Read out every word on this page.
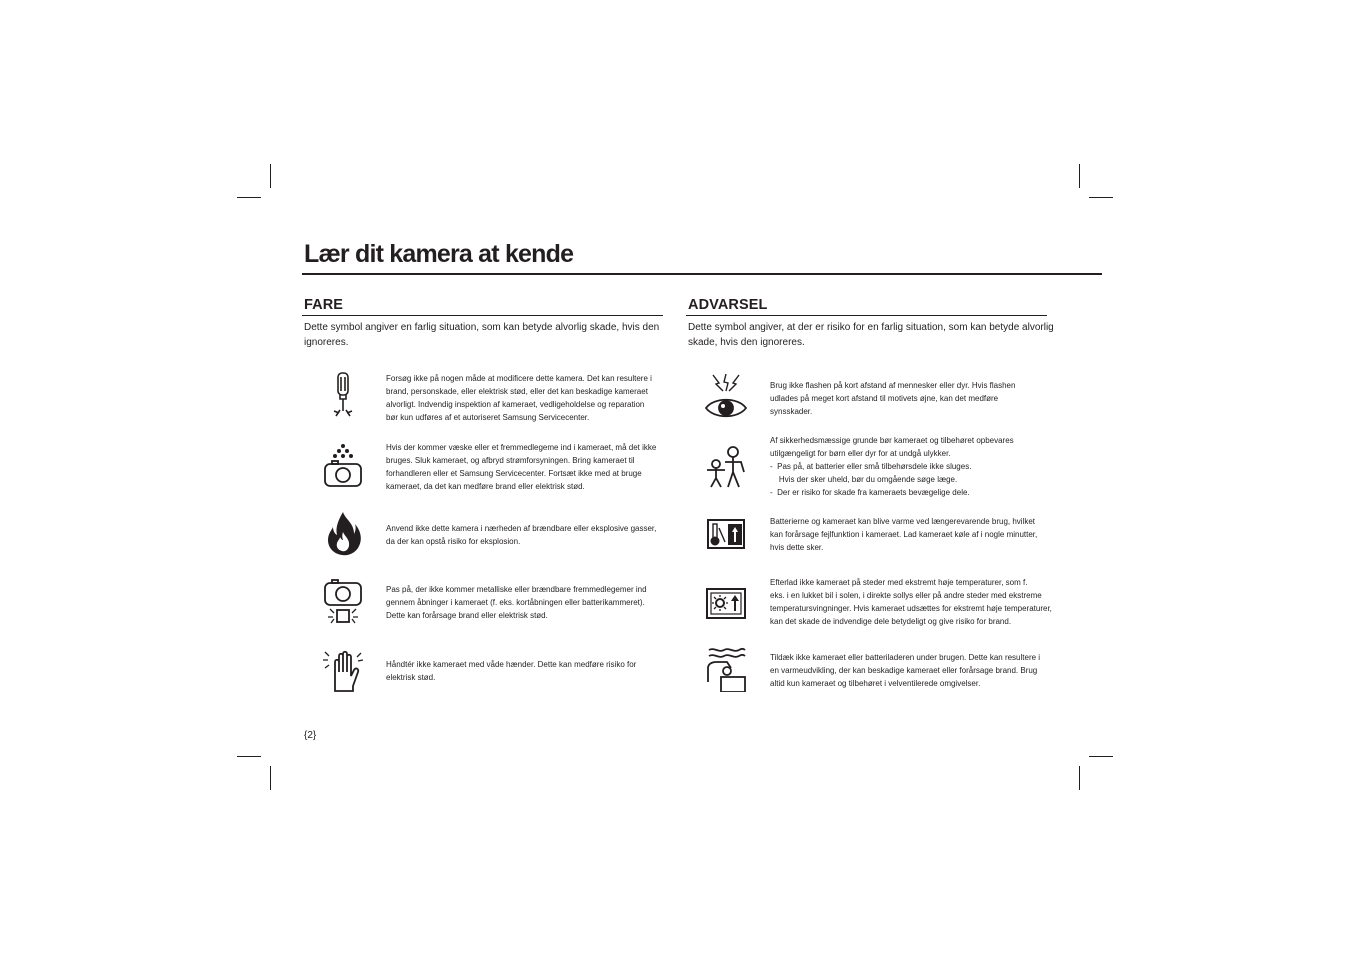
Lær dit kamera at kende
FARE
Dette symbol angiver en farlig situation, som kan betyde alvorlig skade, hvis den
ignoreres.
Forsøg ikke på nogen måde at modificere dette kamera. Det kan resultere i
brand, personskade, eller elektrisk stød, eller det kan beskadige kameraet
alvorligt. Indvendig inspektion af kameraet, vedligeholdelse og reparation
bør kun udføres af et autoriseret Samsung Servicecenter.
Hvis der kommer væske eller et fremmedlegeme ind i kameraet, må det ikke
bruges. Sluk kameraet, og afbryd strømforsyningen. Bring kameraet til
forhandleren eller et Samsung Servicecenter. Fortsæt ikke med at bruge
kameraet, da det kan medføre brand eller elektrisk stød.
Anvend ikke dette kamera i nærheden af brændbare eller eksplosive gasser,
da der kan opstå risiko for eksplosion.
Pas på, der ikke kommer metalliske eller brændbare fremmedlegemer ind
gennem åbninger i kameraet (f. eks. kortåbningen eller batterikammeret).
Dette kan forårsage brand eller elektrisk stød.
Håndtér ikke kameraet med våde hænder. Dette kan medføre risiko for
elektrisk stød.
ADVARSEL
Dette symbol angiver, at der er risiko for en farlig situation, som kan betyde alvorlig
skade, hvis den ignoreres.
Brug ikke flashen på kort afstand af mennesker eller dyr. Hvis flashen
udlades på meget kort afstand til motivets øjne, kan det medføre
synsskader.
Af sikkerhedsmæssige grunde bør kameraet og tilbehøret opbevares
utilgængeligt for børn eller dyr for at undgå ulykker.
-  Pas på, at batterier eller små tilbehørsdele ikke sluges.
Hvis der sker uheld, bør du omgående søge læge.
-  Der er risiko for skade fra kameraets bevægelige dele.
Batterierne og kameraet kan blive varme ved længerevarende brug, hvilket
kan forårsage fejlfunktion i kameraet. Lad kameraet køle af i nogle minutter,
hvis dette sker.
Efterlad ikke kameraet på steder med ekstremt høje temperaturer, som f.
eks. i en lukket bil i solen, i direkte sollys eller på andre steder med ekstreme
temperatursvingninger. Hvis kameraet udsættes for ekstremt høje temperaturer,
kan det skade de indvendige dele betydeligt og give risiko for brand.
Tildæk ikke kameraet eller batteriladeren under brugen. Dette kan resultere i
en varmeudvikling, der kan beskadige kameraet eller forårsage brand. Brug
altid kun kameraet og tilbehøret i velventilerede omgivelser.
{2}
